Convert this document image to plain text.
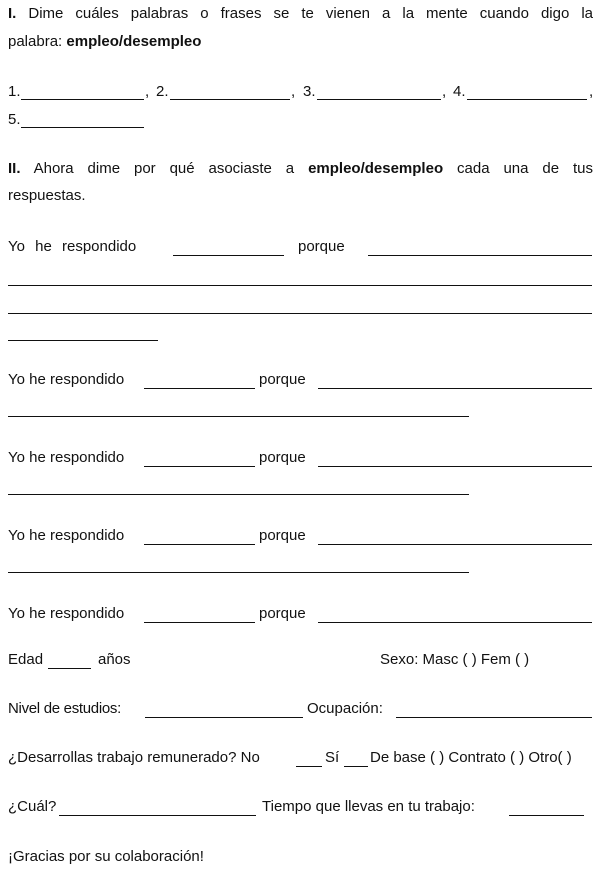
I. Dime cuáles palabras o frases se te vienen a la mente cuando digo la
palabra: empleo/desempleo
1.	, 2.	, 3.	, 4.	,
5.
II. Ahora dime por qué asociaste a empleo/desempleo cada una de tus
respuestas.
Yo he respondido	porque
Yo he respondido	porque
Yo he respondido	porque
Yo he respondido	porque
Yo he respondido	porque
Edad	años	Sexo: Masc ( ) Fem ( )
Nivel de estudios:	Ocupación:
¿Desarrollas trabajo remunerado? No	Sí De base ( ) Contrato ( ) Otro( )
¿Cuál?	Tiempo que llevas en tu trabajo:
¡Gracias por su colaboración!
